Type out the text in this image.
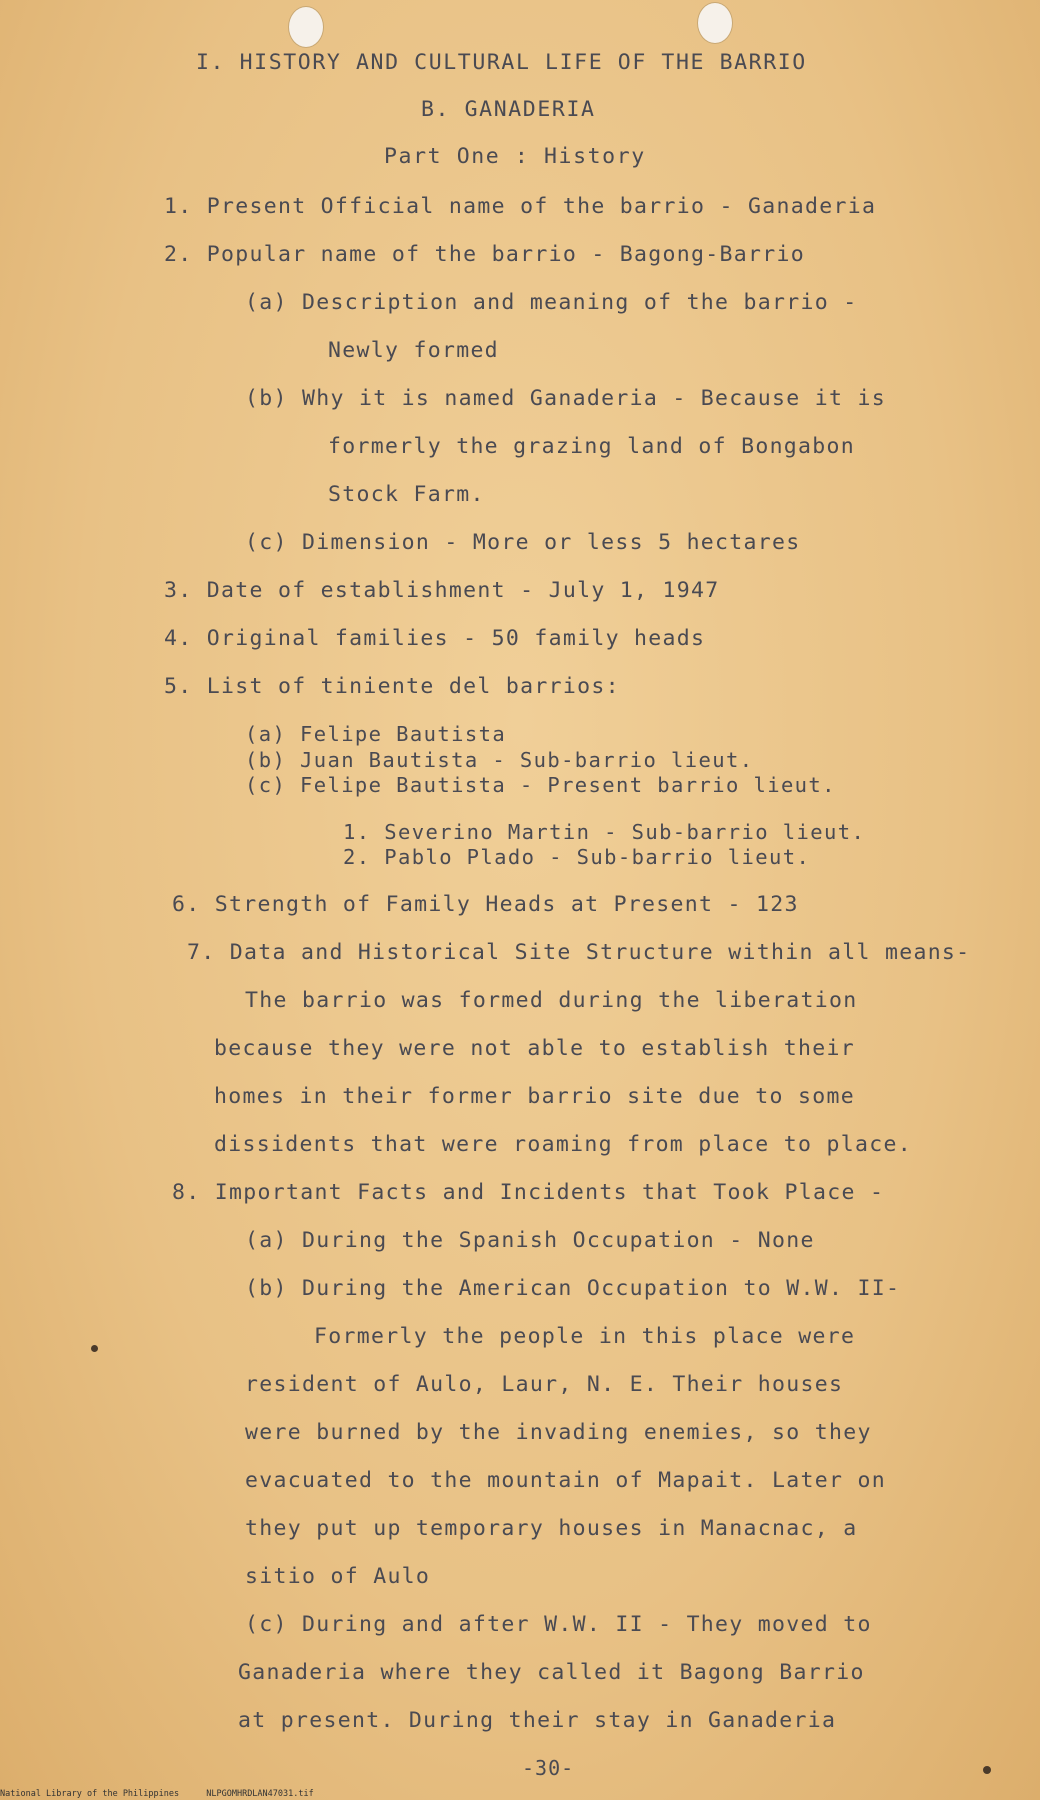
I. HISTORY AND CULTURAL LIFE OF THE BARRIO
B. GANADERIA
Part One : History
1. Present Official name of the barrio - Ganaderia
2. Popular name of the barrio - Bagong-Barrio
(a) Description and meaning of the barrio -
Newly formed
(b) Why it is named Ganaderia - Because it is
formerly the grazing land of Bongabon
Stock Farm.
(c) Dimension - More or less 5 hectares
3. Date of establishment - July 1, 1947
4. Original families - 50 family heads
5. List of tiniente del barrios:
(a) Felipe Bautista
(b) Juan Bautista - Sub-barrio lieut.
(c) Felipe Bautista - Present barrio lieut.
1. Severino Martin - Sub-barrio lieut.
2. Pablo Plado - Sub-barrio lieut.
6. Strength of Family Heads at Present - 123
7. Data and Historical Site Structure within all means-
The barrio was formed during the liberation
because they were not able to establish their
homes in their former barrio site due to some
dissidents that were roaming from place to place.
8. Important Facts and Incidents that Took Place -
(a) During the Spanish Occupation - None
(b) During the American Occupation to W.W. II-
Formerly the people in this place were
resident of Aulo, Laur, N. E. Their houses
were burned by the invading enemies, so they
evacuated to the mountain of Mapait. Later on
they put up temporary houses in Manacnac, a
sitio of Aulo
(c) During and after W.W. II - They moved to
Ganaderia where they called it Bagong Barrio
at present. During their stay in Ganaderia
-30-
National Library of the Philippines	NLPGOMHRDLAN47031.tif
